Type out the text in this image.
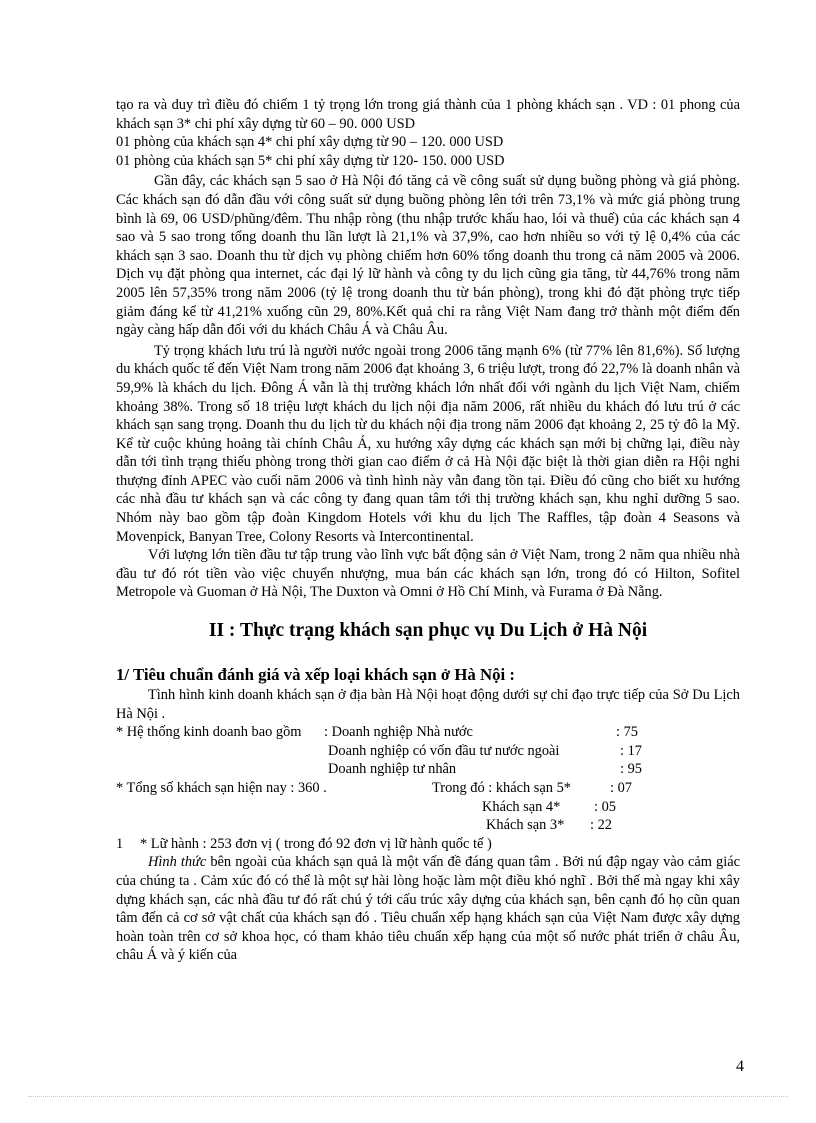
tạo ra và duy trì điều đó chiếm 1 tỷ trọng lớn trong giá thành của 1 phòng khách sạn . VD : 01 phong của khách sạn 3* chi phí xây dựng từ 60 – 90. 000 USD

01 phòng của khách sạn 4* chi phí xây dựng từ 90 – 120. 000 USD

01 phòng của khách sạn 5* chi phí xây dựng từ 120- 150. 000 USD

Gần đây, các khách sạn 5 sao ở Hà Nội đó tăng cả về công suất sử dụng buồng phòng và giá phòng. Các khách sạn đó dẫn đầu với công suất sử dụng buồng phòng lên tới trên 73,1% và mức giá phòng trung bình là 69, 06 USD/phũng/đêm. Thu nhập ròng (thu nhập trước khấu hao, lói và thuế) của các khách sạn 4 sao và 5 sao trong tổng doanh thu lần lượt là 21,1% và 37,9%, cao hơn nhiều so với tỷ lệ 0,4% của các khách sạn 3 sao. Doanh thu từ dịch vụ phòng chiếm hơn 60% tổng doanh thu trong cả năm 2005 và 2006. Dịch vụ đặt phòng qua internet, các đại lý lữ hành và công ty du lịch cũng gia tăng, từ 44,76% trong năm 2005 lên 57,35% trong năm 2006 (tỷ lệ trong doanh thu từ bán phòng), trong khi đó đặt phòng trực tiếp giảm đáng kể từ 41,21% xuống cũn 29, 80%.Kết quả chỉ ra rằng Việt Nam đang trở thành một điểm đến ngày càng hấp dẫn đối với du khách Châu Á và Châu Âu.

Tỷ trọng khách lưu trú là người nước ngoài trong 2006 tăng mạnh 6% (từ 77% lên 81,6%). Số lượng du khách quốc tế đến Việt Nam trong năm 2006 đạt khoảng 3, 6 triệu lượt, trong đó 22,7% là doanh nhân và 59,9% là khách du lịch. Đông Á vẫn là thị trường khách lớn nhất đối với ngành du lịch Việt Nam, chiếm khoảng 38%. Trong số 18 triệu lượt khách du lịch nội địa năm 2006, rất nhiều du khách đó lưu trú ở các khách sạn sang trọng. Doanh thu du lịch từ du khách nội địa trong năm 2006 đạt khoảng 2, 25 tỷ đô la Mỹ. Kể từ cuộc khủng hoảng tài chính Châu Á, xu hướng xây dựng các khách sạn mới bị chững lại, điều này dẫn tới tình trạng thiếu phòng trong thời gian cao điểm ở cả Hà Nội đặc biệt là thời gian diễn ra Hội nghi thượng đỉnh APEC vào cuối năm 2006 và tình hình này vẫn đang tồn tại. Điều đó cũng cho biết xu hướng các nhà đầu tư khách sạn và các công ty đang quan tâm tới thị trường khách sạn, khu nghỉ dưỡng 5 sao. Nhóm này bao gồm tập đoàn Kingdom Hotels với khu du lịch The Raffles, tập đoàn 4 Seasons và Movenpick, Banyan Tree, Colony Resorts và Intercontinental.

Với lượng lớn tiền đầu tư tập trung vào lĩnh vực bất động sản ở Việt Nam, trong 2 năm qua nhiều nhà đầu tư đó rót tiền vào việc chuyển nhượng, mua bán các khách sạn lớn, trong đó có Hilton, Sofitel Metropole và Guoman ở Hà Nội, The Duxton và Omni ở Hồ Chí Minh, và Furama ở Đà Nẵng.

II : Thực trạng khách sạn phục vụ Du Lịch ở Hà Nội
1/ Tiêu chuẩn đánh giá và xếp loại khách sạn ở Hà Nội :

Tình hình kinh doanh khách sạn ở địa bàn Hà Nội hoạt động dưới sự chỉ đạo trực tiếp của Sở Du Lịch Hà Nội .

* Hệ thống kinh doanh bao gồm	: Doanh nghiệp Nhà nước	: 75
Doanh nghiệp có vốn đầu tư nước ngoài	: 17
Doanh nghiệp tư nhân	: 95
* Tổng số khách sạn hiện nay : 360 .	Trong đó : khách sạn 5*	: 07
Khách sạn 4*	: 05
Khách sạn 3*	: 22
1	* Lữ hành : 253 đơn vị ( trong đó 92 đơn vị lữ hành quốc tế )

Hình thức bên ngoài của khách sạn quả là một vấn đề đáng quan tâm . Bởi nú đập ngay vào cảm giác của chúng ta . Cảm xúc đó có thể là một sự hài lòng hoặc làm một điều khó nghĩ . Bởi thế mà ngay khi xây dựng khách sạn, các nhà đầu tư đó rất chú ý tới cấu trúc xây dựng của khách sạn, bên cạnh đó họ cũn quan tâm đến cả cơ sở vật chất của khách sạn đó . Tiêu chuẩn xếp hạng khách sạn của Việt Nam được xây dựng hoàn toàn trên cơ sở khoa học, có tham khảo tiêu chuẩn xếp hạng của một số nước phát triển ở châu Âu, châu Á và ý kiến của

4
